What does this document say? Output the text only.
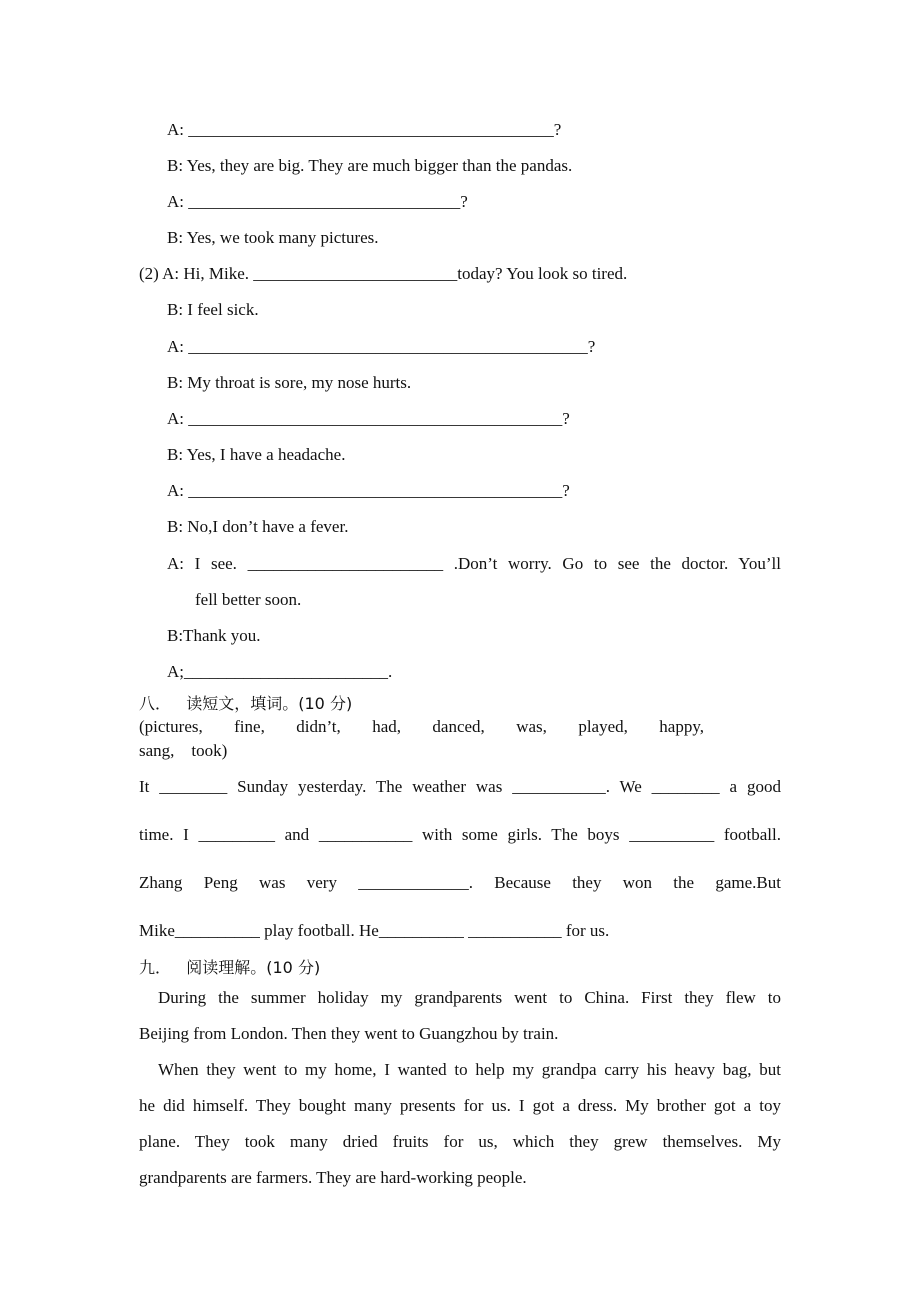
A: ___________________________________________?
B: Yes, they are big. They are much bigger than the pandas.
A: ________________________________?
B: Yes, we took many pictures.
(2) A: Hi, Mike. ________________________today? You look so tired.
B: I feel sick.
A: _______________________________________________?
B: My throat is sore, my nose hurts.
A: ____________________________________________?
B: Yes, I have a headache.
A: ____________________________________________?
B: No,I don’t have a fever.
A: I see. _______________________ .Don’t worry. Go to see the doctor. You’ll
fell better soon.
B:Thank you.
A;________________________.
八．   读短文，填词。(10 分)
(pictures, fine, didn’t, had, danced, was, played, happy,
sang,    took)
It ________ Sunday yesterday. The weather was ___________. We ________ a good
time. I _________ and ___________ with some girls. The boys __________ football.
Zhang Peng was very _____________. Because they won the game.But
Mike__________ play football. He__________ ___________ for us.
九．   阅读理解。(10 分)
During the summer holiday my grandparents went to China. First they flew to
Beijing from London. Then they went to Guangzhou by train.
When they went to my home, I wanted to help my grandpa carry his heavy bag, but
he did himself. They bought many presents for us. I got a dress. My brother got a toy
plane. They took many dried fruits for us, which they grew themselves. My
grandparents are farmers. They are hard-working people.
